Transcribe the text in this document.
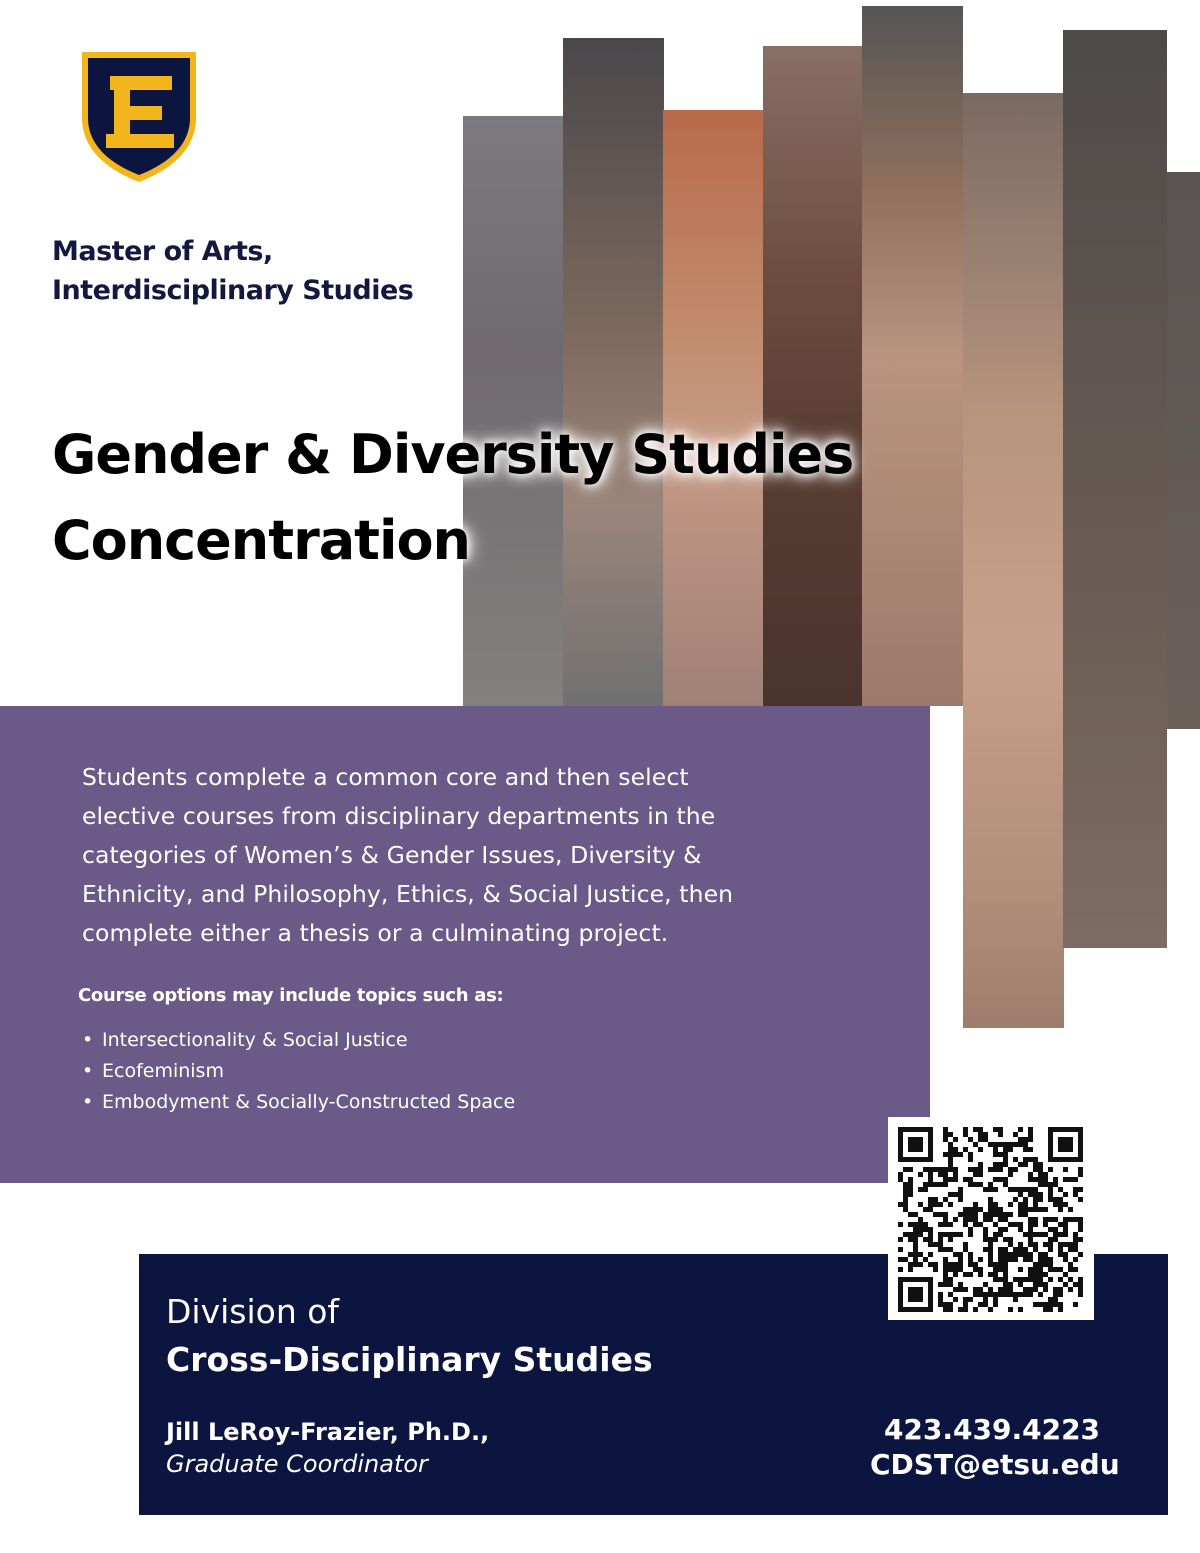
Master of Arts,
Interdisciplinary Studies
Gender & Diversity Studies
Concentration
Students complete a common core and then select
elective courses from disciplinary departments in the
categories of Women’s & Gender Issues, Diversity &
Ethnicity, and Philosophy, Ethics, & Social Justice, then
complete either a thesis or a culminating project.
Course options may include topics such as:
• Intersectionality & Social Justice
• Ecofeminism
• Embodyment & Socially-Constructed Space
Division of
Cross-Disciplinary Studies
Jill LeRoy-Frazier, Ph.D.,
Graduate Coordinator
423.439.4223
CDST@etsu.edu
